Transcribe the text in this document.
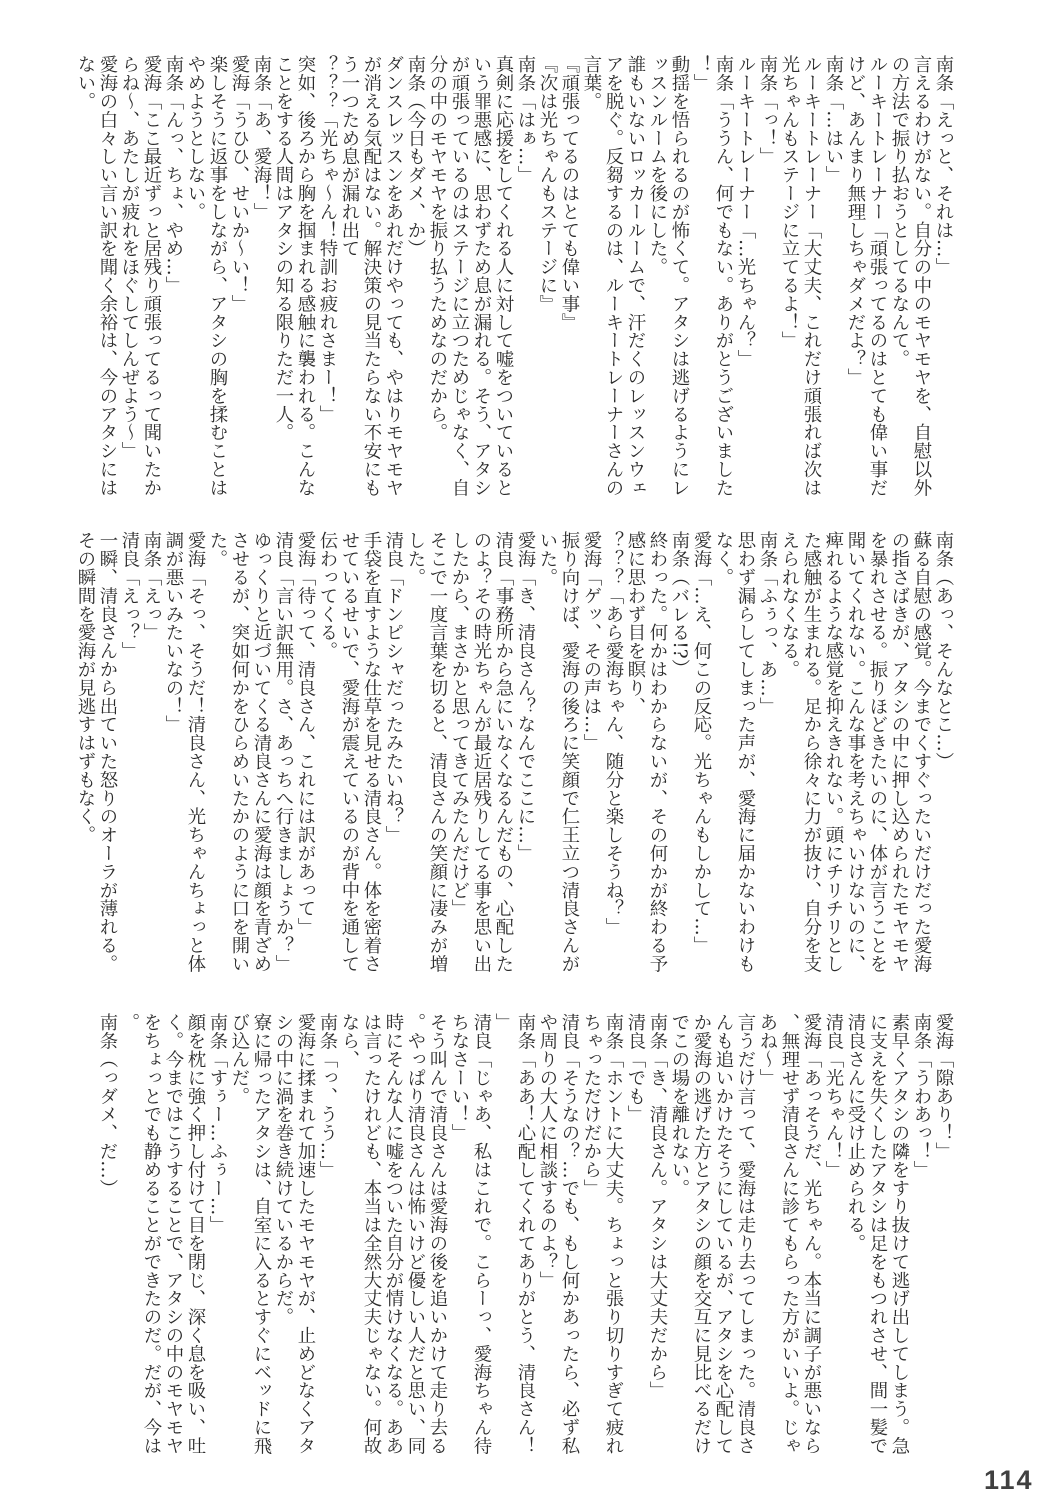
南条「えっと、それは…」
言えるわけがない。自分の中のモヤモヤを、自慰以外
の方法で振り払おうとしてるなんて。
ルーキートレーナー「頑張ってるのはとても偉い事だ
けど、あんまり無理しちゃダメだよ？」
南条「…はい」
ルーキートレーナー「大丈夫、これだけ頑張れば次は
光ちゃんもステージに立てるよ！」
南条「っ！」
ルーキートレーナー「…光ちゃん？」
南条「ううん、何でもない。ありがとうございました
！」
動揺を悟られるのが怖くて。アタシは逃げるようにレ
ッスンルームを後にした。
誰もいないロッカールームで、汗だくのレッスンウェ
アを脱ぐ。反芻するのは、ルーキートレーナーさんの
言葉。
『頑張ってるのはとても偉い事』
『次は光ちゃんもステージに』
南条「はぁ…」
真剣に応援をしてくれる人に対して嘘をついていると
いう罪悪感に、思わずため息が漏れる。そう、アタシ
が頑張っているのはステージに立つためじゃなく、自
分の中のモヤモヤを振り払うためなのだから。
南条（今日もダメ、か）
ダンスレッスンをあれだけやっても、やはりモヤモヤ
が消える気配はない。解決策の見当たらない不安にも
う一つため息が漏れ出て
？？？「光ちゃ～ん！特訓お疲れさまー！」
突如、後ろから胸を掴まれる感触に襲われる。こんな
ことをする人間はアタシの知る限りただ一人。
南条「あ、愛海！」
愛海「うひひ、せいか～い！」
楽しそうに返事をしながら、アタシの胸を揉むことは
やめようとしない。
南条「んっ、ちょ、やめ…」
愛海「ここ最近ずっと居残り頑張ってるって聞いたか
らね～、あたしが疲れをほぐしてしんぜよう～」
愛海の白々しい言い訳を聞く余裕は、今のアタシには
ない。
南条（あっ、そんなとこ…）
蘇る自慰の感覚。今までくすぐったいだけだった愛海
の指さばきが、アタシの中に押し込められたモヤモヤ
を暴れさせる。振りほどきたいのに、体が言うことを
聞いてくれない。こんな事を考えちゃいけないのに、
痺れるような感覚を抑えきれない。頭にチリチリとし
た感触が生まれる。足から徐々に力が抜け、自分を支
えられなくなる。
南条「ふぅっ、あ…」
思わず漏らしてしまった声が、愛海に届かないわけも
なく。
愛海「…え、何この反応。光ちゃんもしかして…」
南条（バレる!?）
終わった。何かはわからないが、その何かが終わる予
感に思わず目を瞑り、
？？？「あら愛海ちゃん、随分と楽しそうね？」
愛海「ゲッ、その声は…」
振り向けば、愛海の後ろに笑顔で仁王立つ清良さんが
いた。
愛海「き、清良さん？なんでここに…」
清良「事務所から急にいなくなるんだもの、心配した
のよ？その時光ちゃんが最近居残りしてる事を思い出
したから、まさかと思ってきてみたんだけど」
そこで一度言葉を切ると、清良さんの笑顔に凄みが増
した。
清良「ドンピシャだったみたいね？」
手袋を直すような仕草を見せる清良さん。体を密着さ
せているせいで、愛海が震えているのが背中を通して
伝わってくる。
愛海「待って、清良さん、これには訳があって」
清良「言い訳無用。さ、あっちへ行きましょうか？」
ゆっくりと近づいてくる清良さんに愛海は顔を青ざめ
させるが、突如何かをひらめいたかのように口を開い
た。
愛海「そっ、そうだ！清良さん、光ちゃんちょっと体
調が悪いみたいなの！」
南条「えっ」
清良「えっ？」
一瞬、清良さんから出ていた怒りのオーラが薄れる。
その瞬間を愛海が見逃すはずもなく。
愛海「隙あり！」
南条「うわあっ！」
素早くアタシの隣をすり抜けて逃げ出してしまう。急
に支えを失くしたアタシは足をもつれさせ、間一髪で
清良さんに受け止められる。
清良「光ちゃん！」
愛海「あっそうだ、光ちゃん。本当に調子が悪いなら
、無理せず清良さんに診てもらった方がいいよ。じゃ
あね～」
言うだけ言って、愛海は走り去ってしまった。清良さ
んも追いかけたそうにしているが、アタシを心配して
か愛海の逃げた方とアタシの顔を交互に見比べるだけ
でこの場を離れない。
南条「き、清良さん。アタシは大丈夫だから」
清良「でも」
南条「ホントに大丈夫。ちょっと張り切りすぎて疲れ
ちゃっただけだから」
清良「そうなの？…でも、もし何かあったら、必ず私
や周りの大人に相談するのよ？」
南条「ああ！心配してくれてありがとう、清良さん！
」
清良「じゃあ、私はこれで。こらーっ、愛海ちゃん待
ちなさーい！」
そう叫んで清良さんは愛海の後を追いかけて走り去る
。やっぱり清良さんは怖いけど優しい人だと思い、同
時にそんな人に嘘をついた自分が情けなくなる。ああ
は言ったけれども、本当は全然大丈夫じゃない。何故
なら、
南条「っ、うう…」
愛海に揉まれて加速したモヤモヤが、止めどなくアタ
シの中に渦を巻き続けているからだ。
寮に帰ったアタシは、自室に入るとすぐにベッドに飛
び込んだ。
南条「すぅー…ふぅー…」
顔を枕に強く押し付けて目を閉じ、深く息を吸い、吐
く。今まではこうすることで、アタシの中のモヤモヤ
をちょっとでも静めることができたのだ。だが、今は
。
南条（っダメ、だ…）
114
